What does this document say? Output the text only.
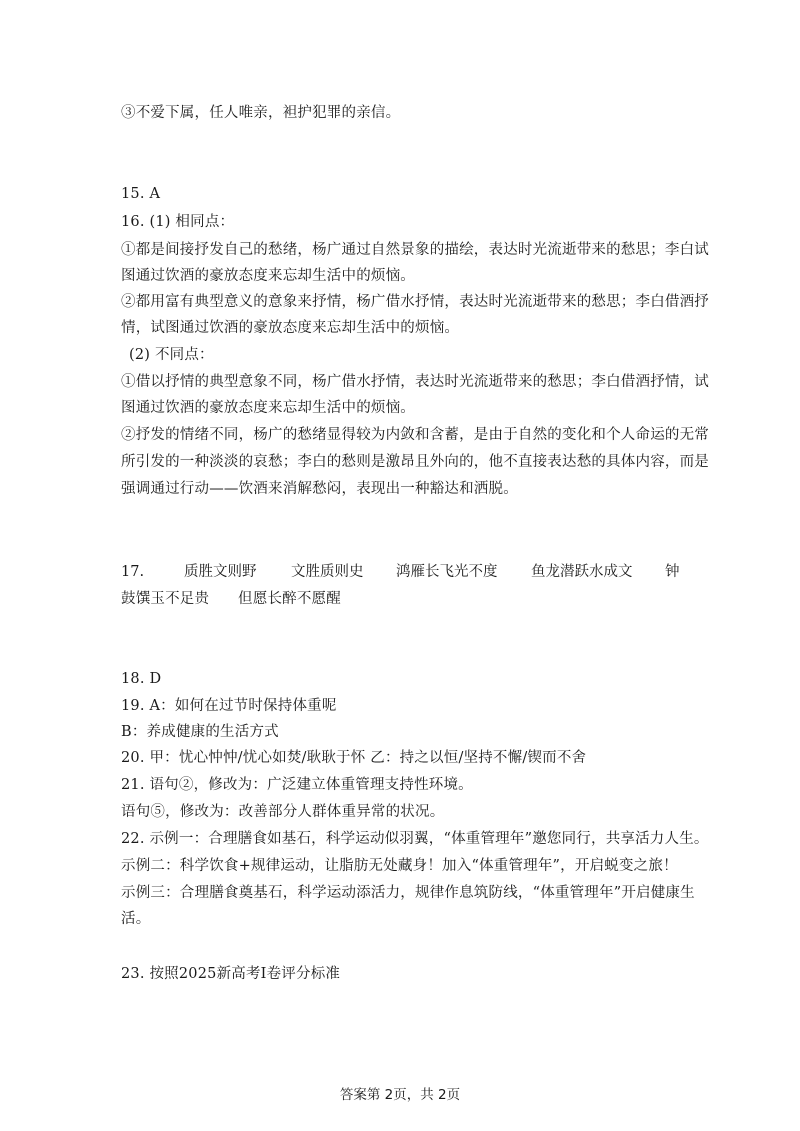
③不爱下属，任人唯亲，袒护犯罪的亲信。
15. A
16. (1) 相同点：
①都是间接抒发自己的愁绪，杨广通过自然景象的描绘，表达时光流逝带来的愁思；李白试
图通过饮酒的豪放态度来忘却生活中的烦恼。
②都用富有典型意义的意象来抒情，杨广借水抒情，表达时光流逝带来的愁思；李白借酒抒
情，试图通过饮酒的豪放态度来忘却生活中的烦恼。
(2) 不同点：
①借以抒情的典型意象不同，杨广借水抒情，表达时光流逝带来的愁思；李白借酒抒情，试
图通过饮酒的豪放态度来忘却生活中的烦恼。
②抒发的情绪不同，杨广的愁绪显得较为内敛和含蓄，是由于自然的变化和个人命运的无常
所引发的一种淡淡的哀愁；李白的愁则是激昂且外向的，他不直接表达愁的具体内容，而是
强调通过行动——饮酒来消解愁闷，表现出一种豁达和洒脱。
17.	质胜文则野 文胜质则史 鸿雁长飞光不度 鱼龙潜跃水成文 钟
鼓馔玉不足贵      但愿长醉不愿醒
18. D
19. A：如何在过节时保持体重呢
B：养成健康的生活方式
20. 甲：忧心忡忡/忧心如焚/耿耿于怀 乙：持之以恒/坚持不懈/锲而不舍
21. 语句②，修改为：广泛建立体重管理支持性环境。
语句⑤，修改为：改善部分人群体重异常的状况。
22. 示例一：合理膳食如基石，科学运动似羽翼，“体重管理年”邀您同行，共享活力人生。
示例二：科学饮食+规律运动，让脂肪无处藏身！加入“体重管理年”，开启蜕变之旅！
示例三：合理膳食奠基石，科学运动添活力，规律作息筑防线，“体重管理年”开启健康生
活。
23. 按照2025新高考Ⅰ卷评分标准
答案第 2页，共 2页
